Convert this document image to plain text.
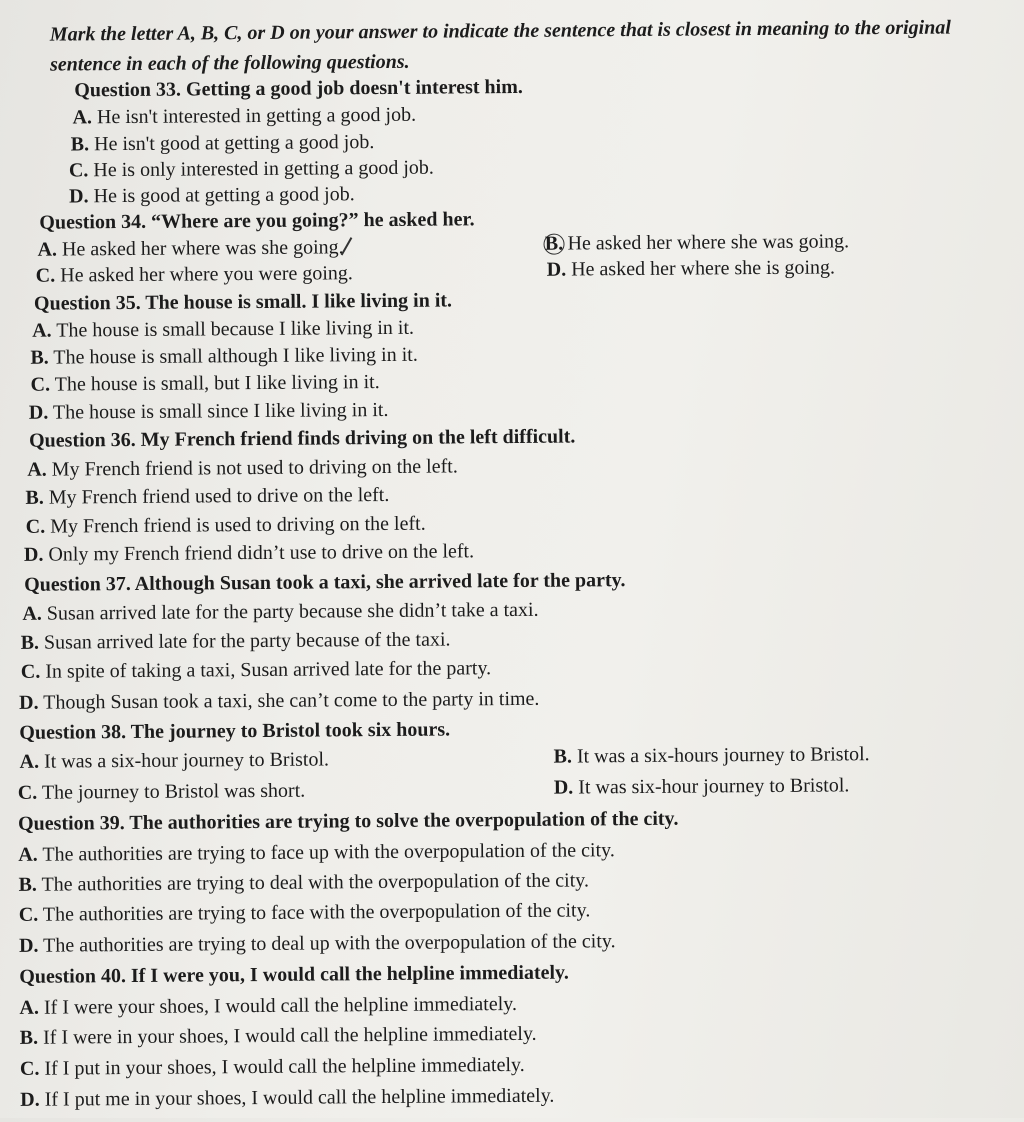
Mark the letter A, B, C, or D on your answer to indicate the sentence that is closest in meaning to the original sentence in each of the following questions.
Question 33. Getting a good job doesn't interest him.
A. He isn't interested in getting a good job.
B. He isn't good at getting a good job.
C. He is only interested in getting a good job.
D. He is good at getting a good job.
Question 34. “Where are you going?” he asked her.
A. He asked her where was she going.	B. He asked her where she was going.
C. He asked her where you were going.	D. He asked her where she is going.
Question 35. The house is small. I like living in it.
A. The house is small because I like living in it.
B. The house is small although I like living in it.
C. The house is small, but I like living in it.
D. The house is small since I like living in it.
Question 36. My French friend finds driving on the left difficult.
A. My French friend is not used to driving on the left.
B. My French friend used to drive on the left.
C. My French friend is used to driving on the left.
D. Only my French friend didn’t use to drive on the left.
Question 37. Although Susan took a taxi, she arrived late for the party.
A. Susan arrived late for the party because she didn’t take a taxi.
B. Susan arrived late for the party because of the taxi.
C. In spite of taking a taxi, Susan arrived late for the party.
D. Though Susan took a taxi, she can’t come to the party in time.
Question 38. The journey to Bristol took six hours.
A. It was a six-hour journey to Bristol.	B. It was a six-hours journey to Bristol.
C. The journey to Bristol was short.	D. It was six-hour journey to Bristol.
Question 39. The authorities are trying to solve the overpopulation of the city.
A. The authorities are trying to face up with the overpopulation of the city.
B. The authorities are trying to deal with the overpopulation of the city.
C. The authorities are trying to face with the overpopulation of the city.
D. The authorities are trying to deal up with the overpopulation of the city.
Question 40. If I were you, I would call the helpline immediately.
A. If I were your shoes, I would call the helpline immediately.
B. If I were in your shoes, I would call the helpline immediately.
C. If I put in your shoes, I would call the helpline immediately.
D. If I put me in your shoes, I would call the helpline immediately.
